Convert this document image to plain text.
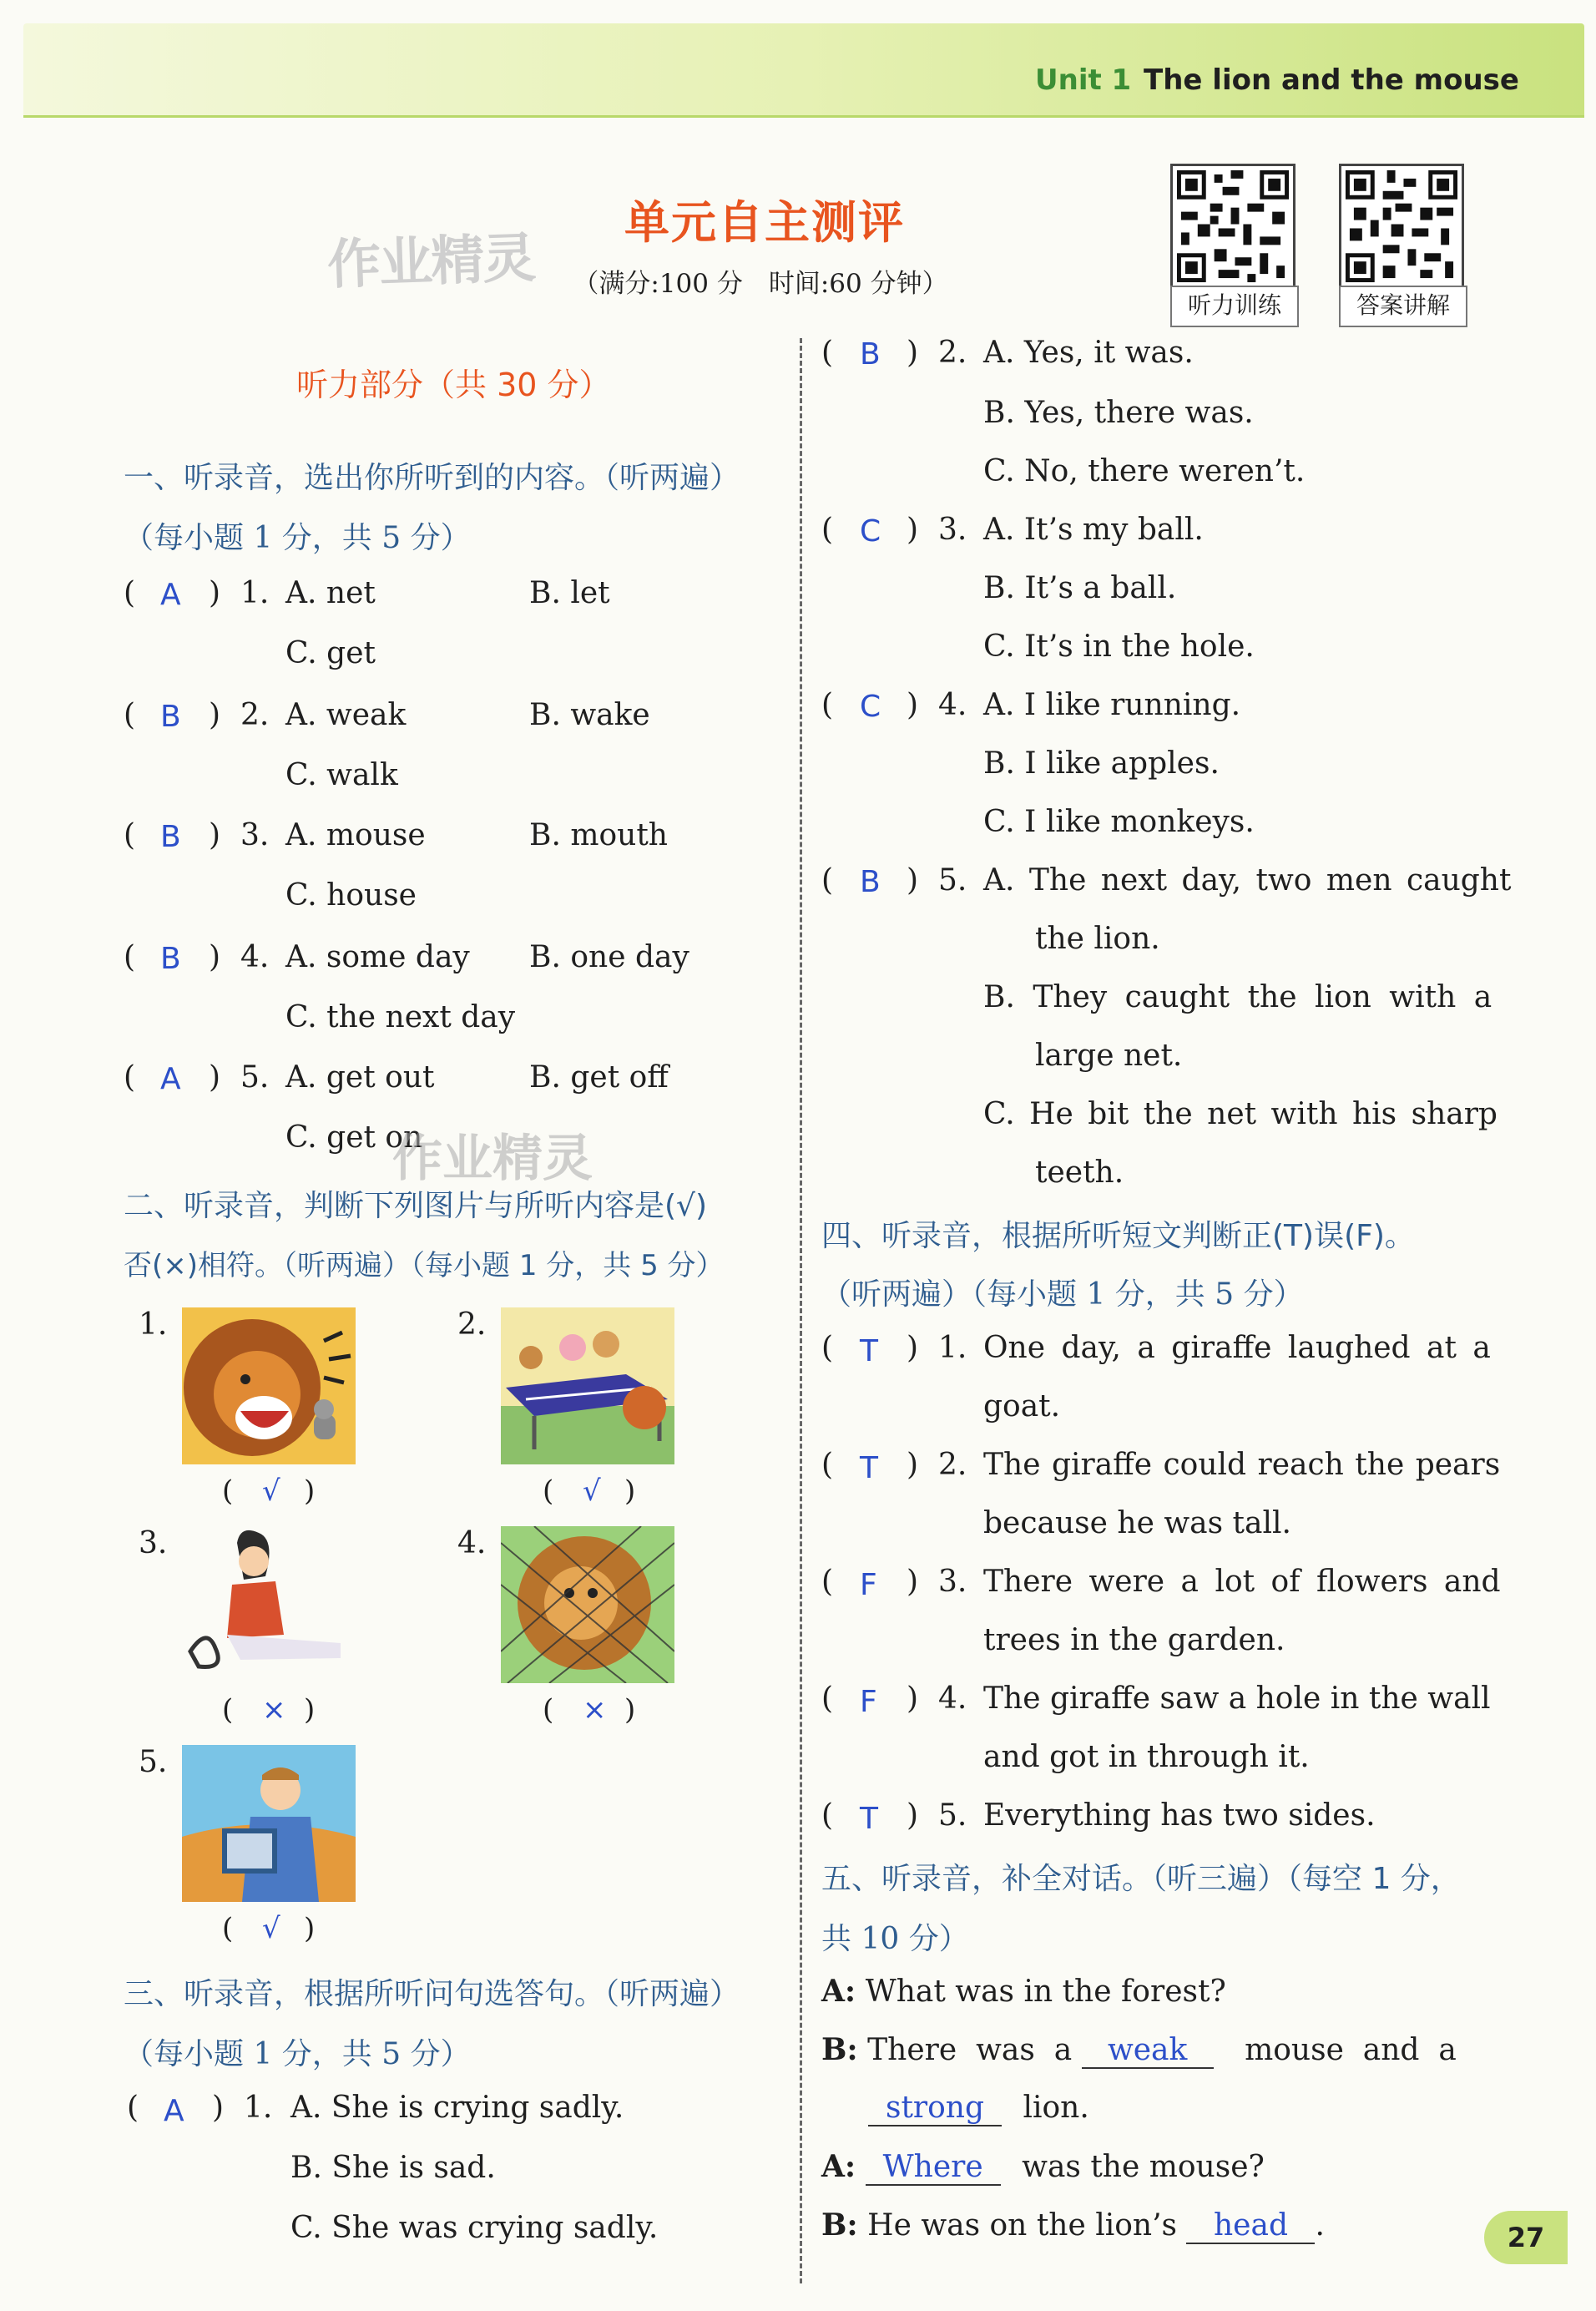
Unit 1 The lion and the mouse
作业精灵
单元自主测评
（满分:100 分　时间:60 分钟）
听力训练	答案讲解
听力部分（共 30 分）
一、听录音，选出你所听到的内容。（听两遍）
（每小题 1 分，共 5 分）
( A ) 1. A. net	B. let
C. get
( B ) 2. A. weak	B. wake
C. walk
( B ) 3. A. mouse	B. mouth
C. house
( B ) 4. A. some day B. one day
C. the next day
( A ) 5. A. get out	B. get off
C. get on
作业精灵
二、听录音，判断下列图片与所听内容是(√)
否(×)相符。（听两遍）（每小题 1 分，共 5 分）
1.
( √ )
2.
( √ )
3.
( × )
4.
( × )
5.
( √ )
三、听录音，根据所听问句选答句。（听两遍）
（每小题 1 分，共 5 分）
( A ) 1. A. She is crying sadly.
B. She is sad.
C. She was crying sadly.
( B ) 2. A. Yes, it was.
B. Yes, there was.
C. No, there weren’t.
( C ) 3. A. It’s my ball.
B. It’s a ball.
C. It’s in the hole.
( C ) 4. A. I like running.
B. I like apples.
C. I like monkeys.
( B ) 5. A. The next day, two men caught
the lion.
B. They caught the lion with a
large net.
C. He bit the net with his sharp
teeth.
四、听录音，根据所听短文判断正(T)误(F)。
（听两遍）（每小题 1 分，共 5 分）
( T ) 1. One day, a giraffe laughed at a
goat.
( T ) 2. The giraffe could reach the pears
because he was tall.
( F ) 3. There were a lot of flowers and
trees in the garden.
( F ) 4. The giraffe saw a hole in the wall
and got in through it.
( T ) 5. Everything has two sides.
五、听录音，补全对话。（听三遍）（每空 1 分，
共 10 分）
A: What was in the forest?
B: There  was  a weak mouse  and  a
strong lion.
A: Where was the mouse?
B: He was on the lion’s head .	27
